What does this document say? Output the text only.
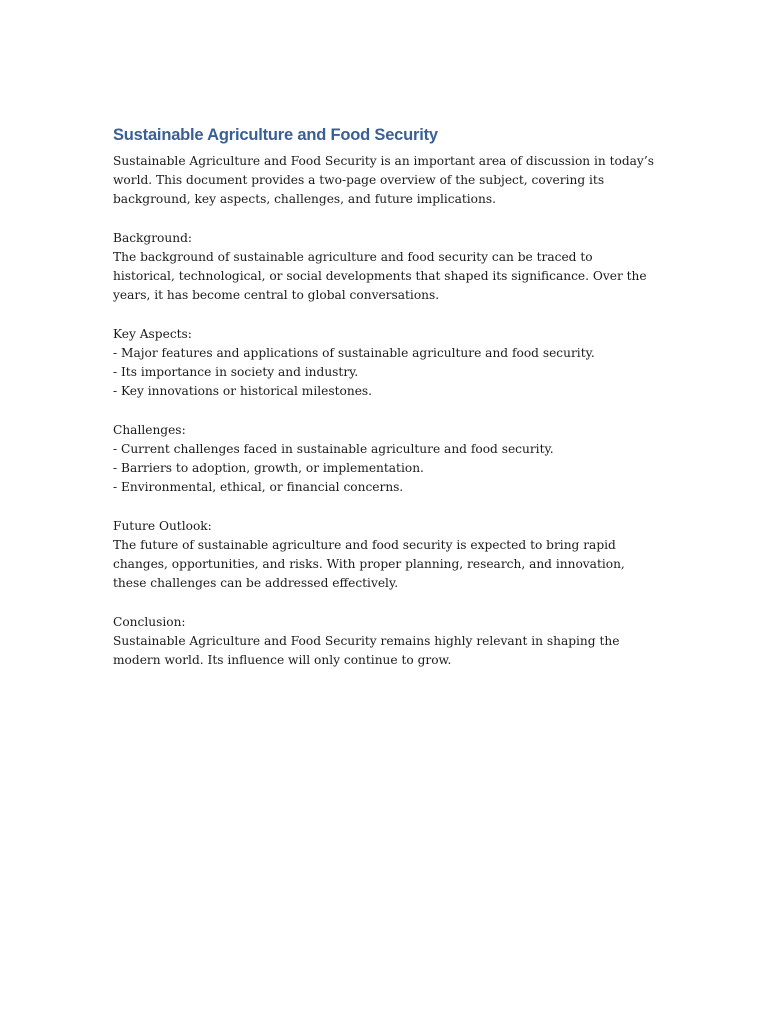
Sustainable Agriculture and Food Security

Sustainable Agriculture and Food Security is an important area of discussion in today’s world. This document provides a two-page overview of the subject, covering its background, key aspects, challenges, and future implications.

Background:

The background of sustainable agriculture and food security can be traced to historical, technological, or social developments that shaped its significance. Over the years, it has become central to global conversations.

Key Aspects:

- Major features and applications of sustainable agriculture and food security.
- Its importance in society and industry.
- Key innovations or historical milestones.

Challenges:

- Current challenges faced in sustainable agriculture and food security.
- Barriers to adoption, growth, or implementation.
- Environmental, ethical, or financial concerns.

Future Outlook:

The future of sustainable agriculture and food security is expected to bring rapid changes, opportunities, and risks. With proper planning, research, and innovation, these challenges can be addressed effectively.

Conclusion:

Sustainable Agriculture and Food Security remains highly relevant in shaping the modern world. Its influence will only continue to grow.
